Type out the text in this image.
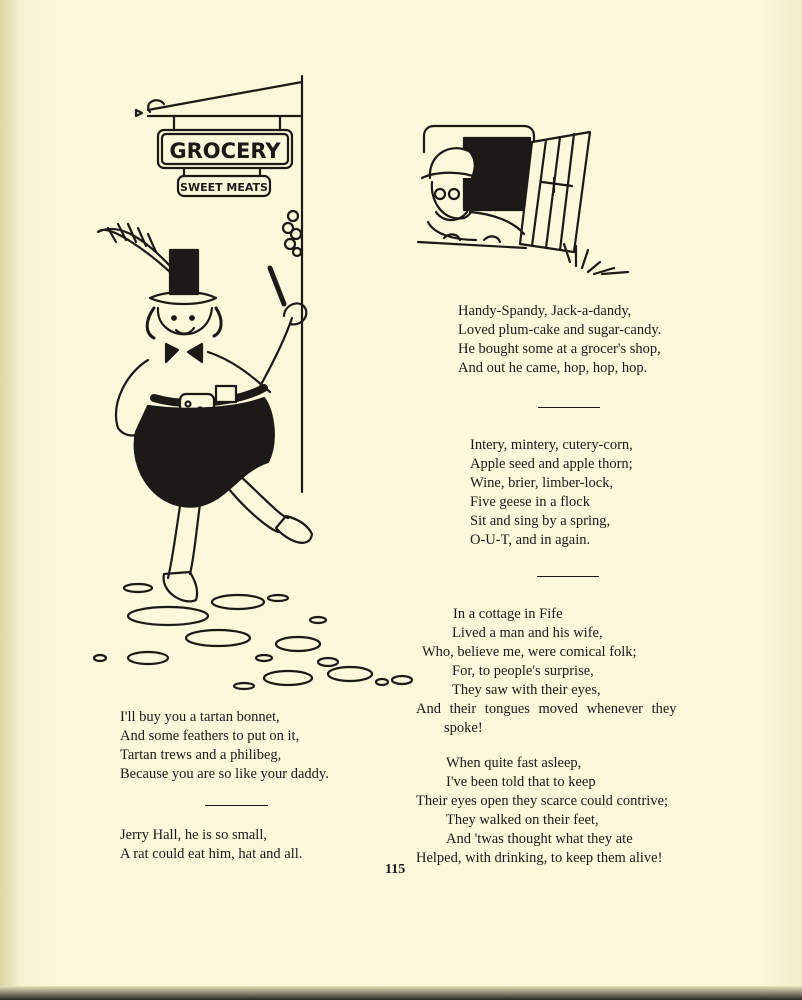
GROCERY
SWEET MEATS

Handy-Spandy, Jack-a-dandy,
Loved plum-cake and sugar-candy.
He bought some at a grocer's shop,
And out he came, hop, hop, hop.

Intery, mintery, cutery-corn,
Apple seed and apple thorn;
Wine, brier, limber-lock,
Five geese in a flock
Sit and sing by a spring,
O-U-T, and in again.

In a cottage in Fife
Lived a man and his wife,
Who, believe me, were comical folk;
For, to people's surprise,
They saw with their eyes,
And their tongues moved whenever they
spoke!
When quite fast asleep,
I've been told that to keep
Their eyes open they scarce could contrive;
They walked on their feet,
And 'twas thought what they ate
Helped, with drinking, to keep them alive!

I'll buy you a tartan bonnet,
And some feathers to put on it,
Tartan trews and a philibeg,
Because you are so like your daddy.

Jerry Hall, he is so small,
A rat could eat him, hat and all.

115
